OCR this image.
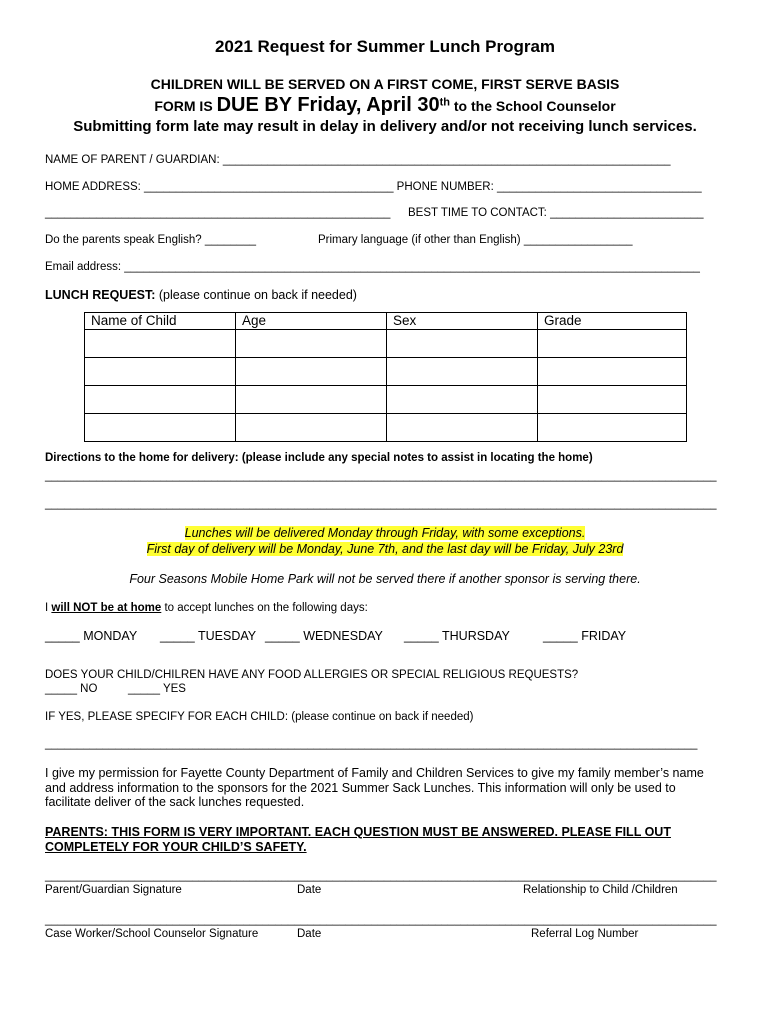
2021 Request for Summer Lunch Program
CHILDREN WILL BE SERVED ON A FIRST COME, FIRST SERVE BASIS
FORM IS DUE BY Friday, April 30th to the School Counselor
Submitting form late may result in delay in delivery and/or not receiving lunch services.
NAME OF PARENT / GUARDIAN: ______________________________________________________________________
HOME ADDRESS: _______________________________________ PHONE NUMBER: ________________________________
______________________________________________________ BEST TIME TO CONTACT: ________________________
Do the parents speak English? ________	Primary language (if other than English) _________________
Email address: __________________________________________________________________________________________
LUNCH REQUEST: (please continue on back if needed)
Name of Child	Age	Sex	Grade

Directions to the home for delivery: (please include any special notes to assist in locating the home)
_________________________________________________________________________________________________________
_________________________________________________________________________________________________________
Lunches will be delivered Monday through Friday, with some exceptions.
First day of delivery will be Monday, June 7th, and the last day will be Friday, July 23rd
Four Seasons Mobile Home Park will not be served there if another sponsor is serving there.
I will NOT be at home to accept lunches on the following days:
_____ MONDAY _____ TUESDAY _____ WEDNESDAY _____ THURSDAY	_____ FRIDAY
DOES YOUR CHILD/CHILREN HAVE ANY FOOD ALLERGIES OR SPECIAL RELIGIOUS REQUESTS?
_____ NO	_____ YES
IF YES, PLEASE SPECIFY FOR EACH CHILD: (please continue on back if needed)
______________________________________________________________________________________________________
I give my permission for Fayette County Department of Family and Children Services to give my family member’s name
and address information to the sponsors for the 2021 Summer Sack Lunches. This information will only be used to
facilitate deliver of the sack lunches requested.
PARENTS: THIS FORM IS VERY IMPORTANT. EACH QUESTION MUST BE ANSWERED. PLEASE FILL OUT
COMPLETELY FOR YOUR CHILD’S SAFETY.
_________________________________________________________________________________________________________
Parent/Guardian Signature	Date	Relationship to Child /Children
_________________________________________________________________________________________________________
Case Worker/School Counselor Signature	Date	Referral Log Number
